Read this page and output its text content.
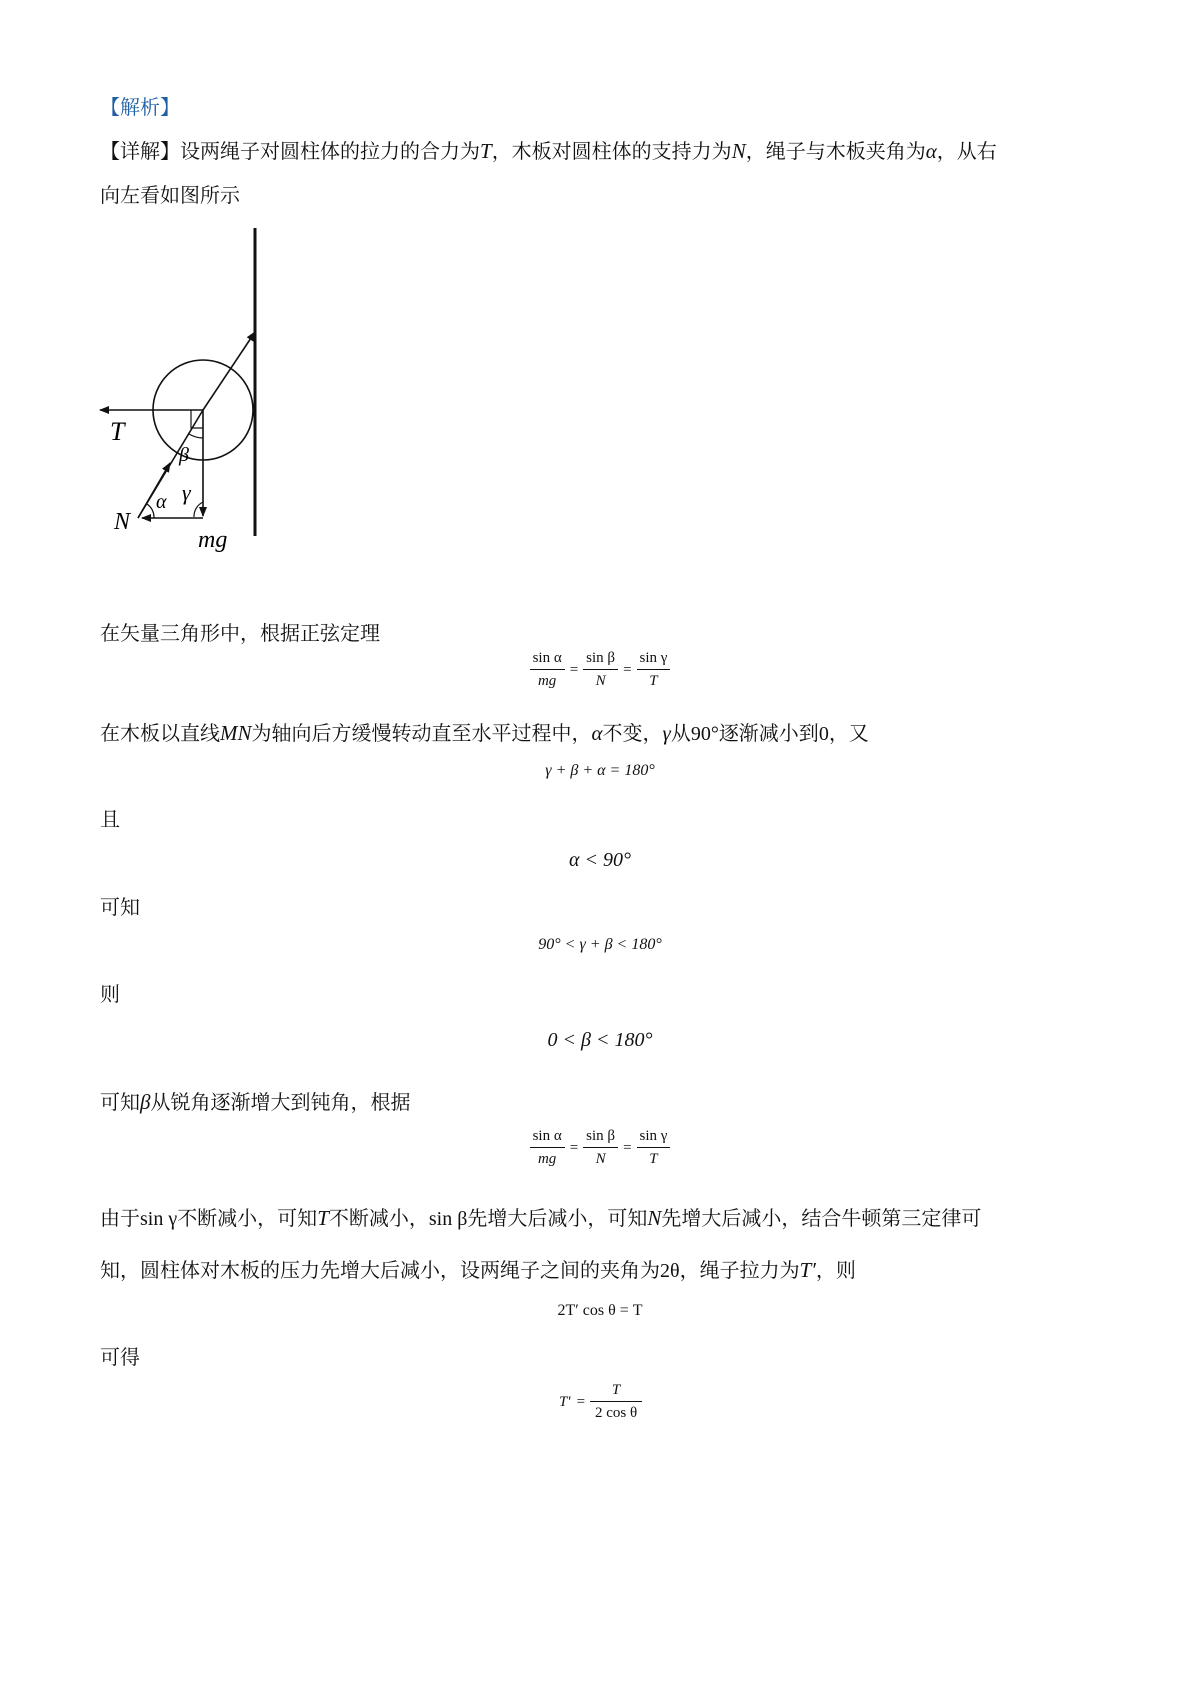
【解析】
【详解】设两绳子对圆柱体的拉力的合力为T，木板对圆柱体的支持力为N，绳子与木板夹角为α，从右
向左看如图所示
T
N
mg
α
β
γ
在矢量三角形中，根据正弦定理
$\frac{\text{sin α}}{mg} = \frac{\text{sin β}}{N} = \frac{\text{sin γ}}{T}$
在木板以直线MN为轴向后方缓慢转动直至水平过程中，α不变，γ从90°逐渐减小到0，又
γ + β + α = 180°
且
α < 90°
可知
90° < γ + β < 180°
则
0 < β < 180°
可知β从锐角逐渐增大到钝角，根据
$\frac{\text{sin α}}{mg} = \frac{\text{sin β}}{N} = \frac{\text{sin γ}}{T}$
由于sin γ不断减小，可知T不断减小，sin β先增大后减小，可知N先增大后减小，结合牛顿第三定律可
知，圆柱体对木板的压力先增大后减小，设两绳子之间的夹角为2θ，绳子拉力为T′，则
2T′ cos θ = T
可得
$T' = \frac{T}{\text{2 cos θ}}$
